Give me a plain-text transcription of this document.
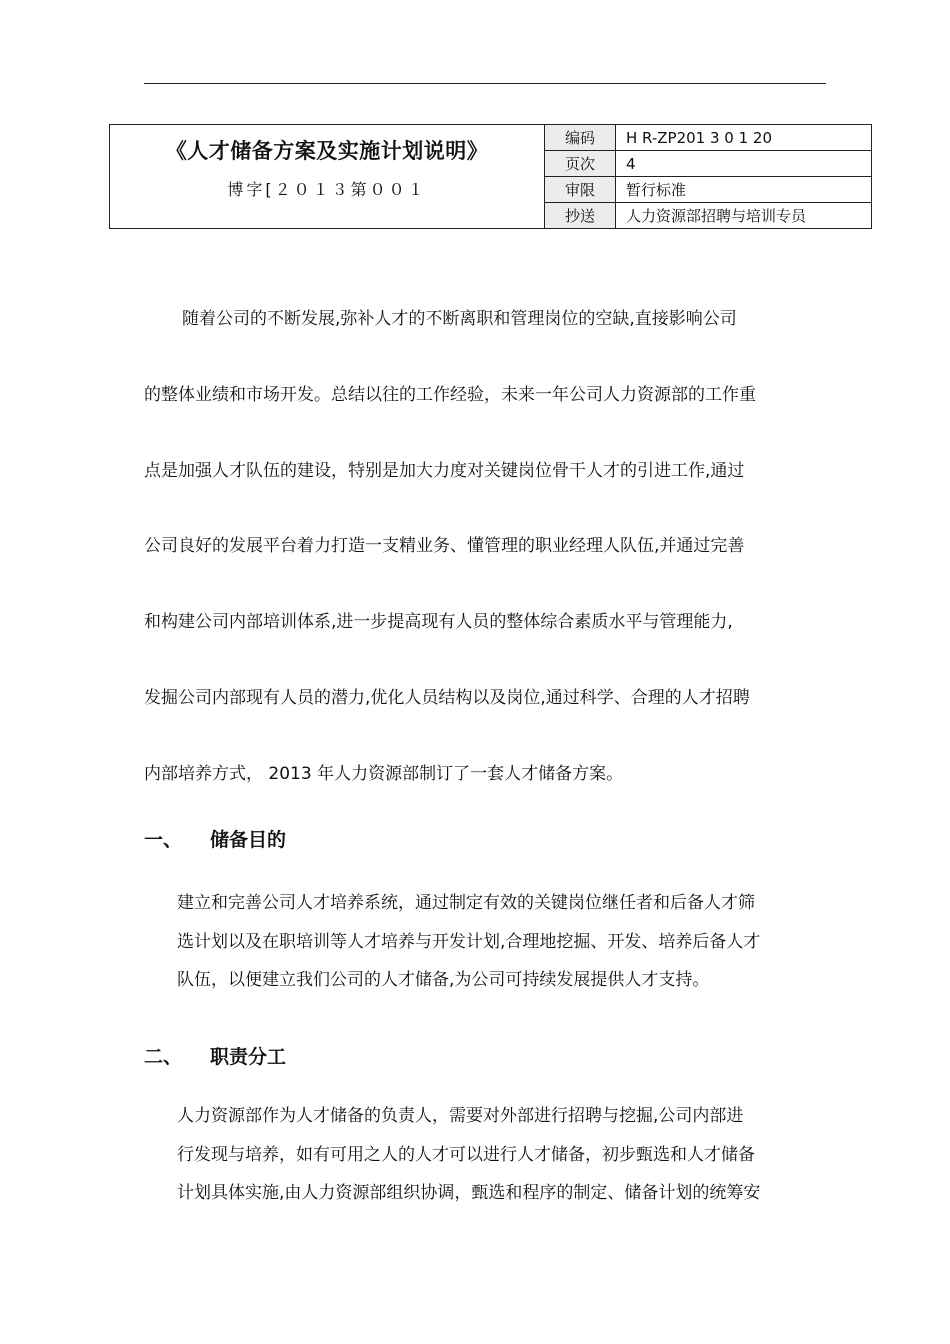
《人才储备方案及实施计划说明》
博字[２０１３第００１	编码	H R-ZP201 3 0 1 20
	页次	4
	审限	暂行标准
	抄送	人力资源部招聘与培训专员

随着公司的不断发展,弥补人才的不断离职和管理岗位的空缺,直接影响公司
的整体业绩和市场开发。总结以往的工作经验，未来一年公司人力资源部的工作重
点是加强人才队伍的建设，特别是加大力度对关键岗位骨干人才的引进工作,通过
公司良好的发展平台着力打造一支精业务、懂管理的职业经理人队伍,并通过完善
和构建公司内部培训体系,进一步提高现有人员的整体综合素质水平与管理能力,
发掘公司内部现有人员的潜力,优化人员结构以及岗位,通过科学、合理的人才招聘
内部培养方式， 2013 年人力资源部制订了一套人才储备方案。

一、 储备目的

建立和完善公司人才培养系统，通过制定有效的关键岗位继任者和后备人才筛
选计划以及在职培训等人才培养与开发计划,合理地挖掘、开发、培养后备人才
队伍，以便建立我们公司的人才储备,为公司可持续发展提供人才支持。

二、 职责分工

人力资源部作为人才储备的负责人，需要对外部进行招聘与挖掘,公司内部进
行发现与培养，如有可用之人的人才可以进行人才储备，初步甄选和人才储备
计划具体实施,由人力资源部组织协调，甄选和程序的制定、储备计划的统筹安
